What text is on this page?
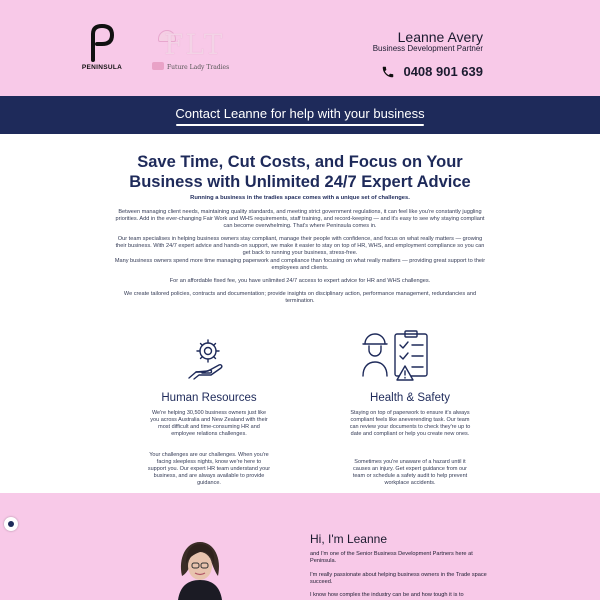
PENINSULA
FLT
Future Lady Tradies
Leanne Avery
Business Development Partner
0408 901 639
Contact Leanne for help with your business
Save Time, Cut Costs, and Focus on Your Business with Unlimited 24/7 Expert Advice
Running a business in the tradies space comes with a unique set of challenges.
Between managing client needs, maintaining quality standards, and meeting strict government regulations, it can feel like you're constantly juggling priorities. Add in the ever-changing Fair Work and WHS requirements, staff training, and record-keeping — and it's easy to see why staying compliant can become overwhelming. That's where Peninsula comes in.
Our team specialises in helping business owners stay compliant, manage their people with confidence, and focus on what really matters — growing their business. With 24/7 expert advice and hands-on support, we make it easier to stay on top of HR, WHS, and employment compliance so you can get back to running your business, stress-free.
Many business owners spend more time managing paperwork and compliance than focusing on what really matters — providing great support to their employees and clients.
For an affordable fixed fee, you have unlimited 24/7 access to expert advice for HR and WHS challenges.
We create tailored policies, contracts and documentation; provide insights on disciplinary action, performance management, redundancies and termination.
Human Resources
We're helping 30,500 business owners just like you across Australia and New Zealand with their most difficult and time-consuming HR and employee relations challenges.
Your challenges are our challenges. When you're facing sleepless nights, know we're here to support you. Our expert HR team understand your business, and are always available to provide guidance.
Health & Safety
Staying on top of paperwork to ensure it's always compliant feels like aneverending task. Our team can review your documents to check they're up to date and compliant or help you create new ones.
Sometimes you're unaware of a hazard until it causes an injury. Get expert guidance from our team or schedule a safety audit to help prevent workplace accidents.
Hi, I'm Leanne
and I'm one of the Senior Business Development Partners here at Peninsula.
I'm really passionate about helping business owners in the Trade space succeed.
I know how complex the industry can be and how tough it is to
